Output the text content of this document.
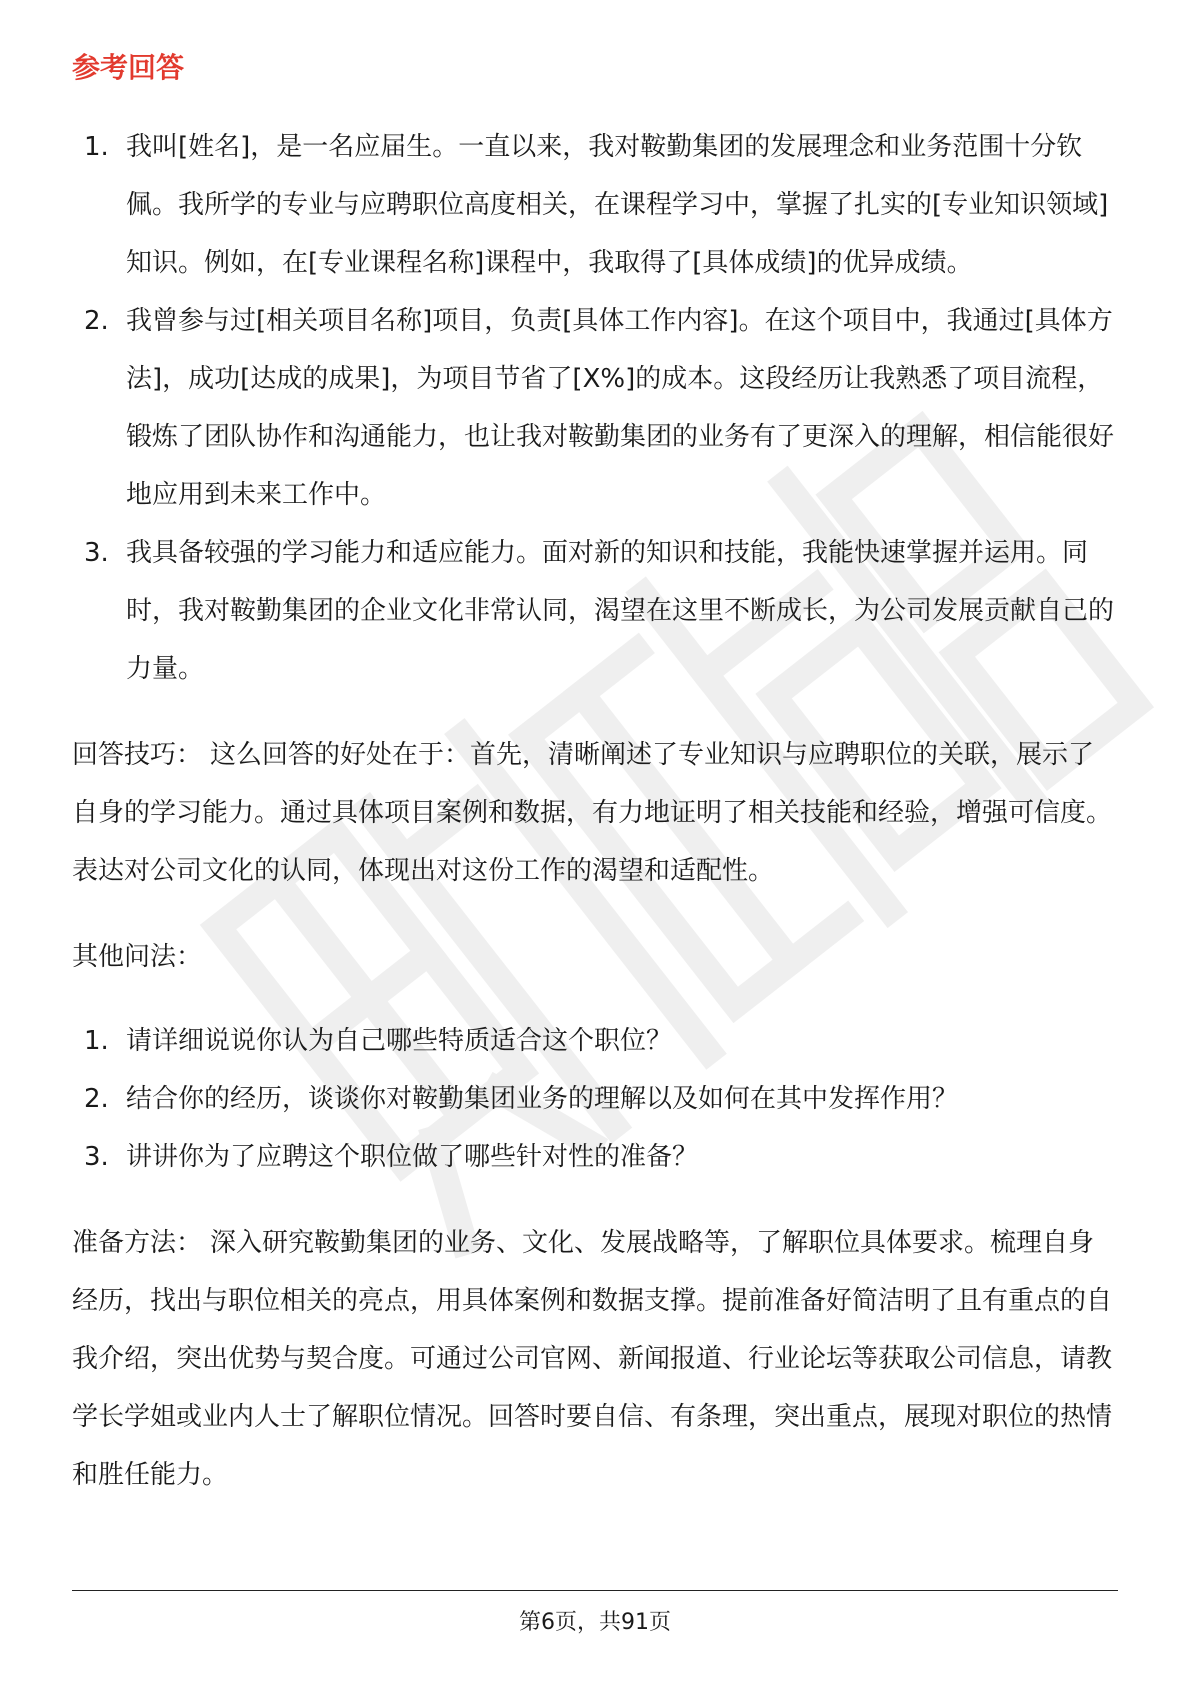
参考回答
1. 我叫[姓名]，是一名应届生。一直以来，我对鞍勤集团的发展理念和业务范围十分钦佩。我所学的专业与应聘职位高度相关，在课程学习中，掌握了扎实的[专业知识领域]知识。例如，在[专业课程名称]课程中，我取得了[具体成绩]的优异成绩。
2. 我曾参与过[相关项目名称]项目，负责[具体工作内容]。在这个项目中，我通过[具体方法]，成功[达成的成果]，为项目节省了[X%]的成本。这段经历让我熟悉了项目流程，锻炼了团队协作和沟通能力，也让我对鞍勤集团的业务有了更深入的理解，相信能很好地应用到未来工作中。
3. 我具备较强的学习能力和适应能力。面对新的知识和技能，我能快速掌握并运用。同时，我对鞍勤集团的企业文化非常认同，渴望在这里不断成长，为公司发展贡献自己的力量。

回答技巧： 这么回答的好处在于：首先，清晰阐述了专业知识与应聘职位的关联，展示了自身的学习能力。通过具体项目案例和数据，有力地证明了相关技能和经验，增强可信度。表达对公司文化的认同，体现出对这份工作的渴望和适配性。

其他问法：

1. 请详细说说你认为自己哪些特质适合这个职位？
2. 结合你的经历，谈谈你对鞍勤集团业务的理解以及如何在其中发挥作用？
3. 讲讲你为了应聘这个职位做了哪些针对性的准备？

准备方法： 深入研究鞍勤集团的业务、文化、发展战略等，了解职位具体要求。梳理自身经历，找出与职位相关的亮点，用具体案例和数据支撑。提前准备好简洁明了且有重点的自我介绍，突出优势与契合度。可通过公司官网、新闻报道、行业论坛等获取公司信息，请教学长学姐或业内人士了解职位情况。回答时要自信、有条理，突出重点，展现对职位的热情和胜任能力。

第6页，共91页
